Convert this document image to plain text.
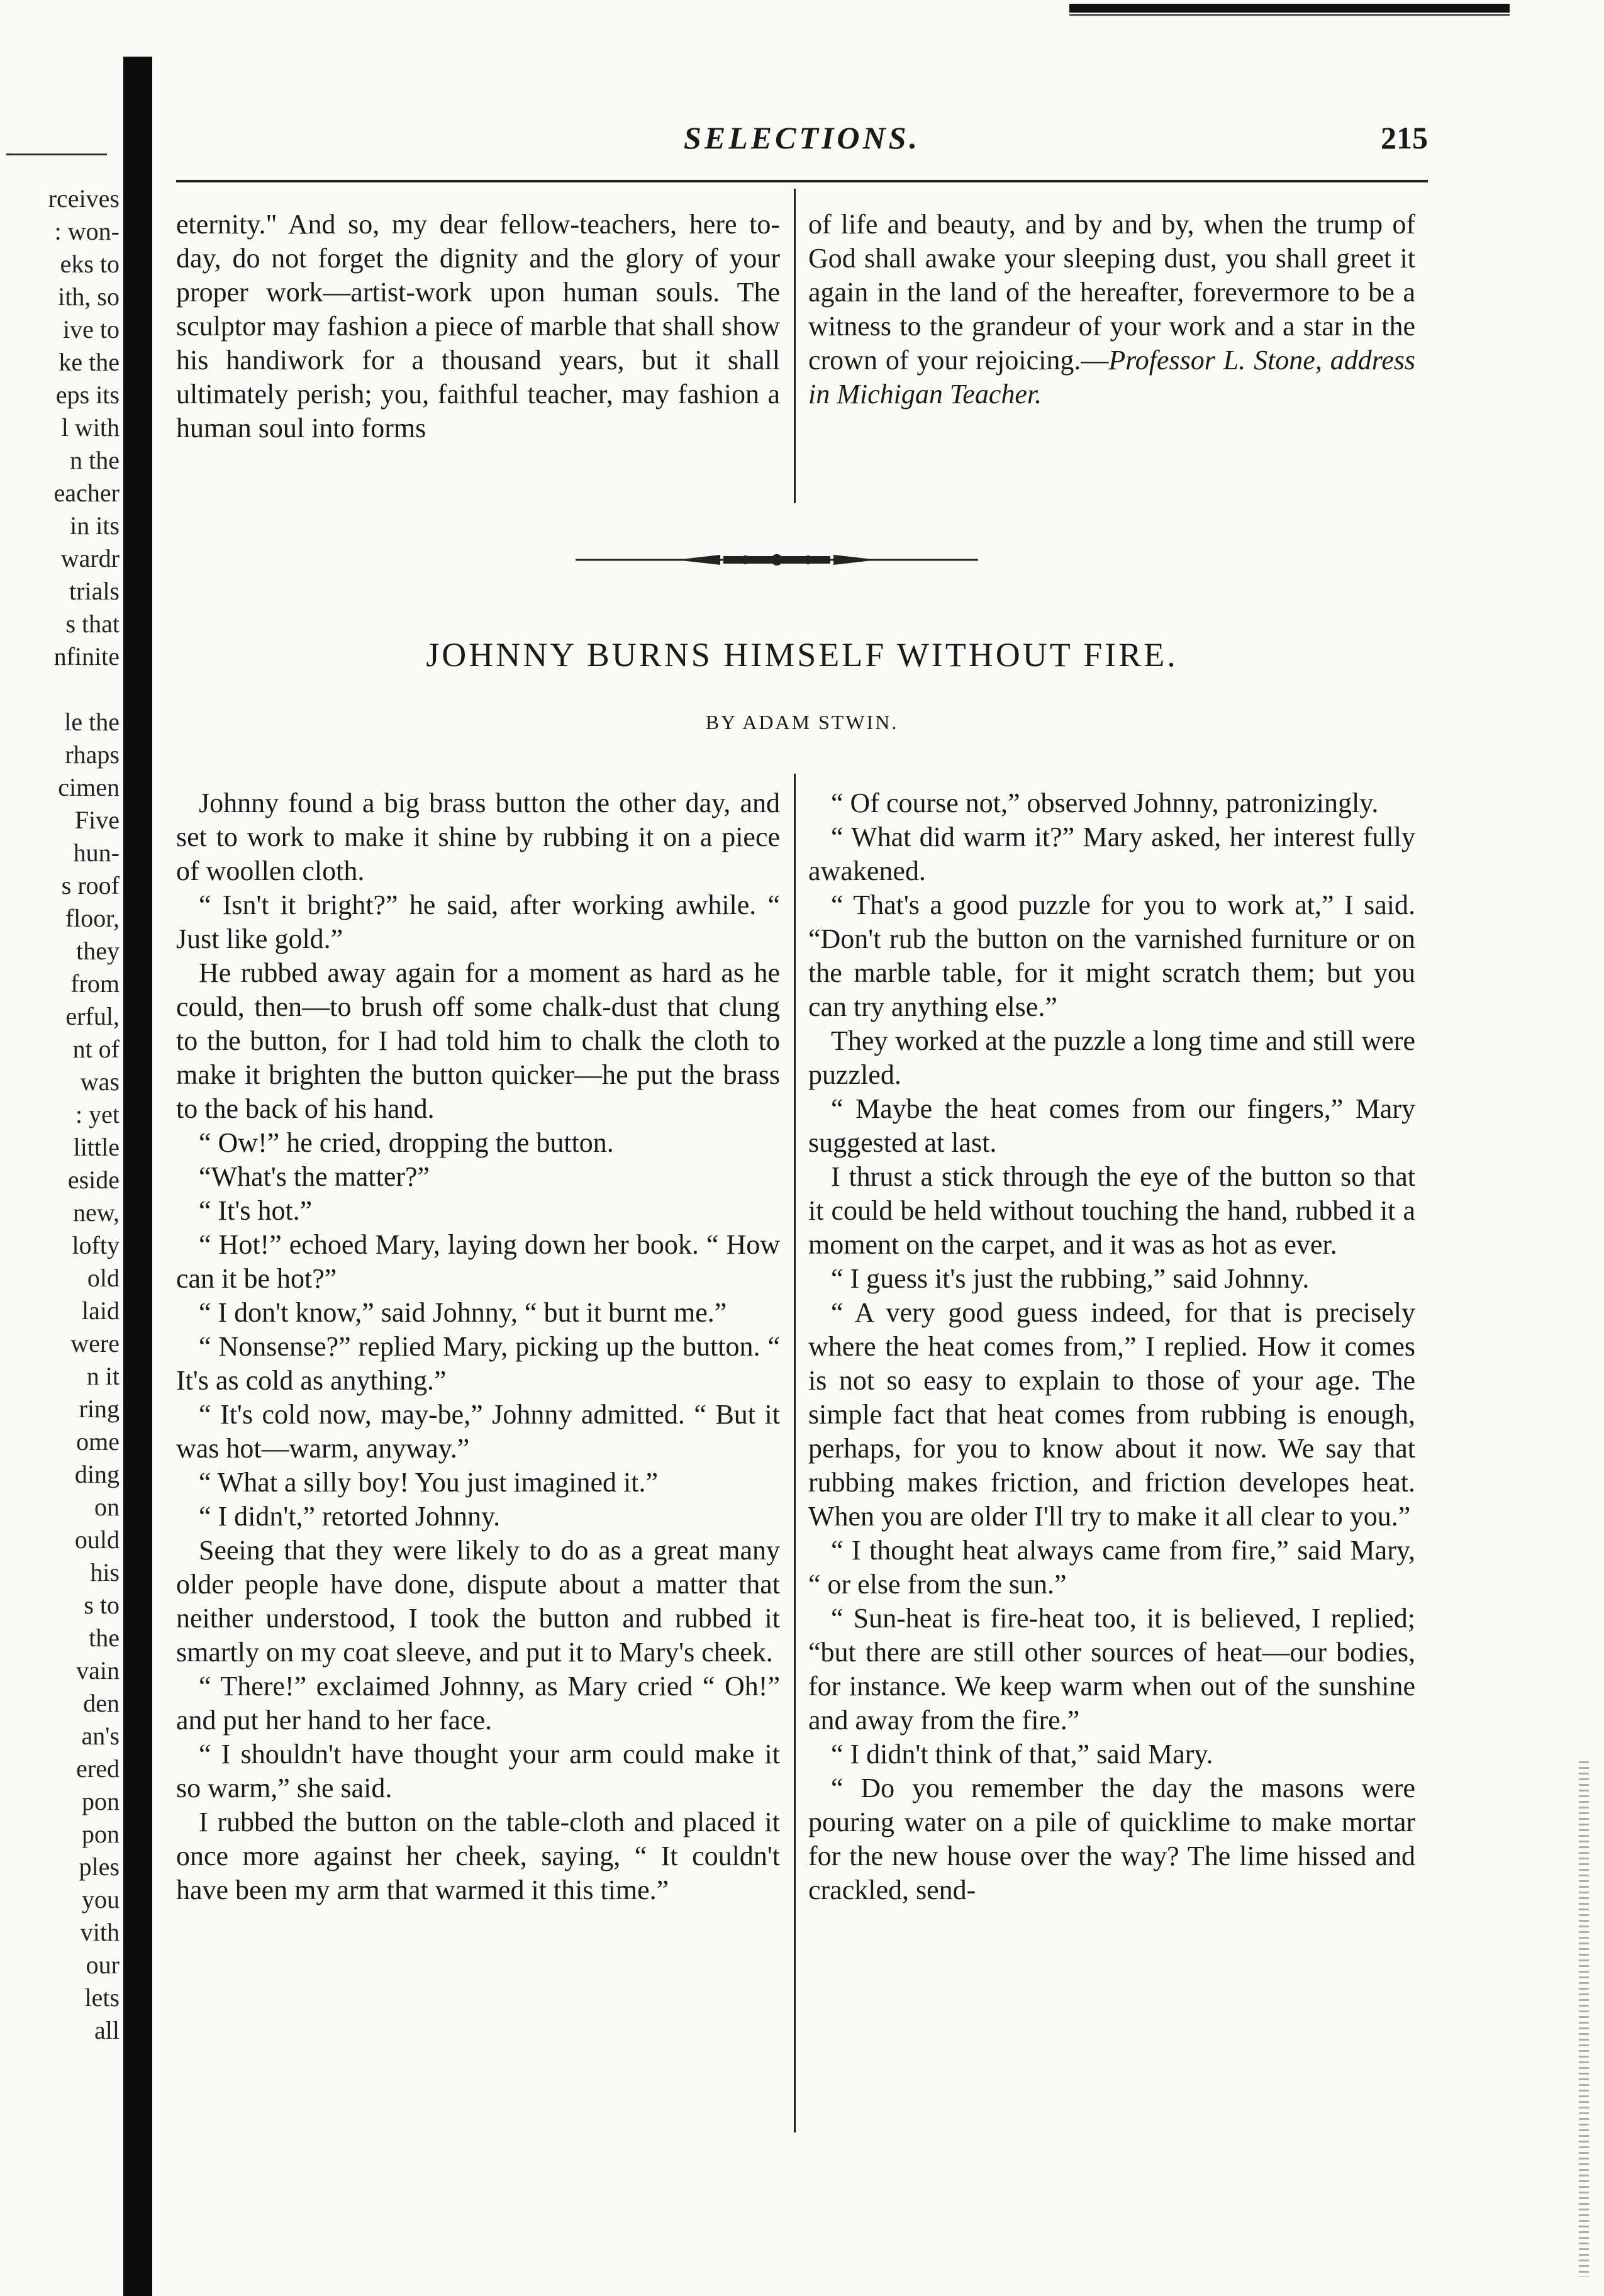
rceives
: won-
eks to
ith, so
ive to
ke the
eps its
l with
n the
eacher
in its
wardr
trials
s that
nfinite
le the
rhaps
cimen
Five
hun-
s roof
floor,
they
from
erful,
nt of
was
: yet
little
eside
new,
lofty
old
laid
were
n it
ring
ome
ding
on
ould
his
s to
the
vain
den
an's
ered
pon
pon
ples
you
vith
our
lets
all
SELECTIONS.	215

eternity." And so, my dear fellow-teachers, here to-day, do not forget the dignity and the glory of your proper work—artist-work upon human souls. The sculptor may fashion a piece of marble that shall show his handiwork for a thousand years, but it shall ultimately perish; you, faithful teacher, may fashion a human soul into forms

of life and beauty, and by and by, when the trump of God shall awake your sleeping dust, you shall greet it again in the land of the hereafter, forevermore to be a witness to the grandeur of your work and a star in the crown of your rejoicing.—Professor L. Stone, address in Michigan Teacher.

JOHNNY BURNS HIMSELF WITHOUT FIRE.
BY ADAM STWIN.

Johnny found a big brass button the other day, and set to work to make it shine by rubbing it on a piece of woollen cloth.

“ Isn't it bright?” he said, after working awhile. “ Just like gold.”

He rubbed away again for a moment as hard as he could, then—to brush off some chalk-dust that clung to the button, for I had told him to chalk the cloth to make it brighten the button quicker—he put the brass to the back of his hand.

“ Ow!” he cried, dropping the button.

“What's the matter?”

“ It's hot.”

“ Hot!” echoed Mary, laying down her book. “ How can it be hot?”

“ I don't know,” said Johnny, “ but it burnt me.”

“ Nonsense?” replied Mary, picking up the button. “ It's as cold as anything.”

“ It's cold now, may-be,” Johnny admitted. “ But it was hot—warm, anyway.”

“ What a silly boy! You just imagined it.”

“ I didn't,” retorted Johnny.

Seeing that they were likely to do as a great many older people have done, dispute about a matter that neither understood, I took the button and rubbed it smartly on my coat sleeve, and put it to Mary's cheek.

“ There!” exclaimed Johnny, as Mary cried “ Oh!” and put her hand to her face.

“ I shouldn't have thought your arm could make it so warm,” she said.

I rubbed the button on the table-cloth and placed it once more against her cheek, saying, “ It couldn't have been my arm that warmed it this time.”

“ Of course not,” observed Johnny, patronizingly.

“ What did warm it?” Mary asked, her interest fully awakened.

“ That's a good puzzle for you to work at,” I said. “Don't rub the button on the varnished furniture or on the marble table, for it might scratch them; but you can try anything else.”

They worked at the puzzle a long time and still were puzzled.

“ Maybe the heat comes from our fingers,” Mary suggested at last.

I thrust a stick through the eye of the button so that it could be held without touching the hand, rubbed it a moment on the carpet, and it was as hot as ever.

“ I guess it's just the rubbing,” said Johnny.

“ A very good guess indeed, for that is precisely where the heat comes from,” I replied. How it comes is not so easy to explain to those of your age. The simple fact that heat comes from rubbing is enough, perhaps, for you to know about it now. We say that rubbing makes friction, and friction developes heat. When you are older I'll try to make it all clear to you.”

“ I thought heat always came from fire,” said Mary, “ or else from the sun.”

“ Sun-heat is fire-heat too, it is believed, I replied; “but there are still other sources of heat—our bodies, for instance. We keep warm when out of the sunshine and away from the fire.”

“ I didn't think of that,” said Mary.

“ Do you remember the day the masons were pouring water on a pile of quicklime to make mortar for the new house over the way? The lime hissed and crackled, send-
